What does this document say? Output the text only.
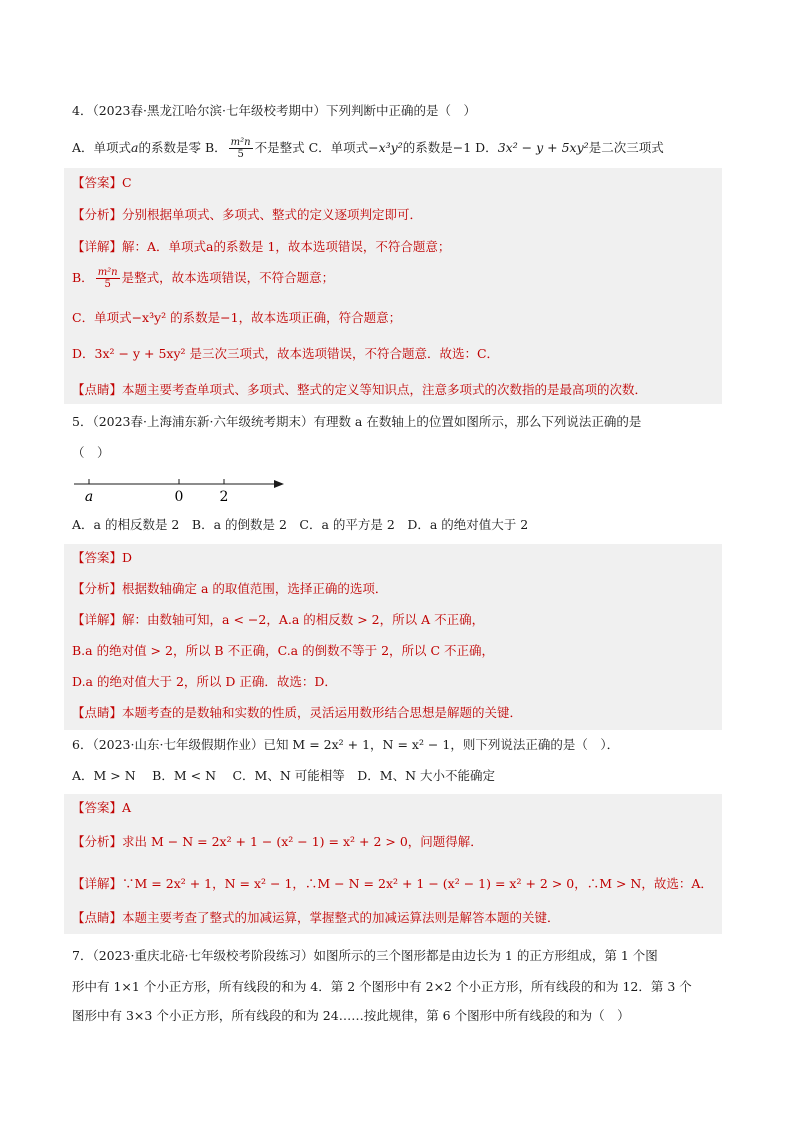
4．（2023春·黑龙江哈尔滨·七年级校考期中）下列判断中正确的是（　）
A．单项式a的系数是零 B． $\frac{\text{m²n}}{5}$ 不是整式 C．单项式−x³y²的系数是−1 D．3x² − y + 5xy²是二次三项式
【答案】C
【分析】分别根据单项式、多项式、整式的定义逐项判定即可．
【详解】解：A．单项式a的系数是 1，故本选项错误，不符合题意；
B． $\frac{\text{m²n}}{5}$ 是整式，故本选项错误，不符合题意；
C．单项式−x³y² 的系数是−1，故本选项正确，符合题意；
D．3x² − y + 5xy² 是三次三项式，故本选项错误，不符合题意．故选：C．
【点睛】本题主要考查单项式、多项式、整式的定义等知识点，注意多项式的次数指的是最高项的次数．
5．（2023春·上海浦东新·六年级统考期末）有理数 a 在数轴上的位置如图所示，那么下列说法正确的是
（　）
a	0	2
A．a 的相反数是 2　B．a 的倒数是 2　C．a 的平方是 2　D．a 的绝对值大于 2
【答案】D
【分析】根据数轴确定 a 的取值范围，选择正确的选项．
【详解】解：由数轴可知，a < −2，A.a 的相反数 > 2，所以 A 不正确，
B.a 的绝对值 > 2，所以 B 不正确，C.a 的倒数不等于 2，所以 C 不正确，
D.a 的绝对值大于 2，所以 D 正确．故选：D．
【点睛】本题考查的是数轴和实数的性质，灵活运用数形结合思想是解题的关键．
6．（2023·山东·七年级假期作业）已知 M = 2x² + 1，N = x² − 1，则下列说法正确的是（　）．
A．M > N　 B．M < N　 C．M、N 可能相等　D．M、N 大小不能确定
【答案】A
【分析】求出 M − N = 2x² + 1 − (x² − 1) = x² + 2 > 0，问题得解．
【详解】∵M = 2x² + 1，N = x² − 1，∴M − N = 2x² + 1 − (x² − 1) = x² + 2 > 0，∴M > N，故选：A．
【点睛】本题主要考查了整式的加减运算，掌握整式的加减运算法则是解答本题的关键．
7．（2023·重庆北碚·七年级校考阶段练习）如图所示的三个图形都是由边长为 1 的正方形组成，第 1 个图
形中有 1×1 个小正方形，所有线段的和为 4．第 2 个图形中有 2×2 个小正方形，所有线段的和为 12．第 3 个
图形中有 3×3 个小正方形，所有线段的和为 24……按此规律，第 6 个图形中所有线段的和为（　）
